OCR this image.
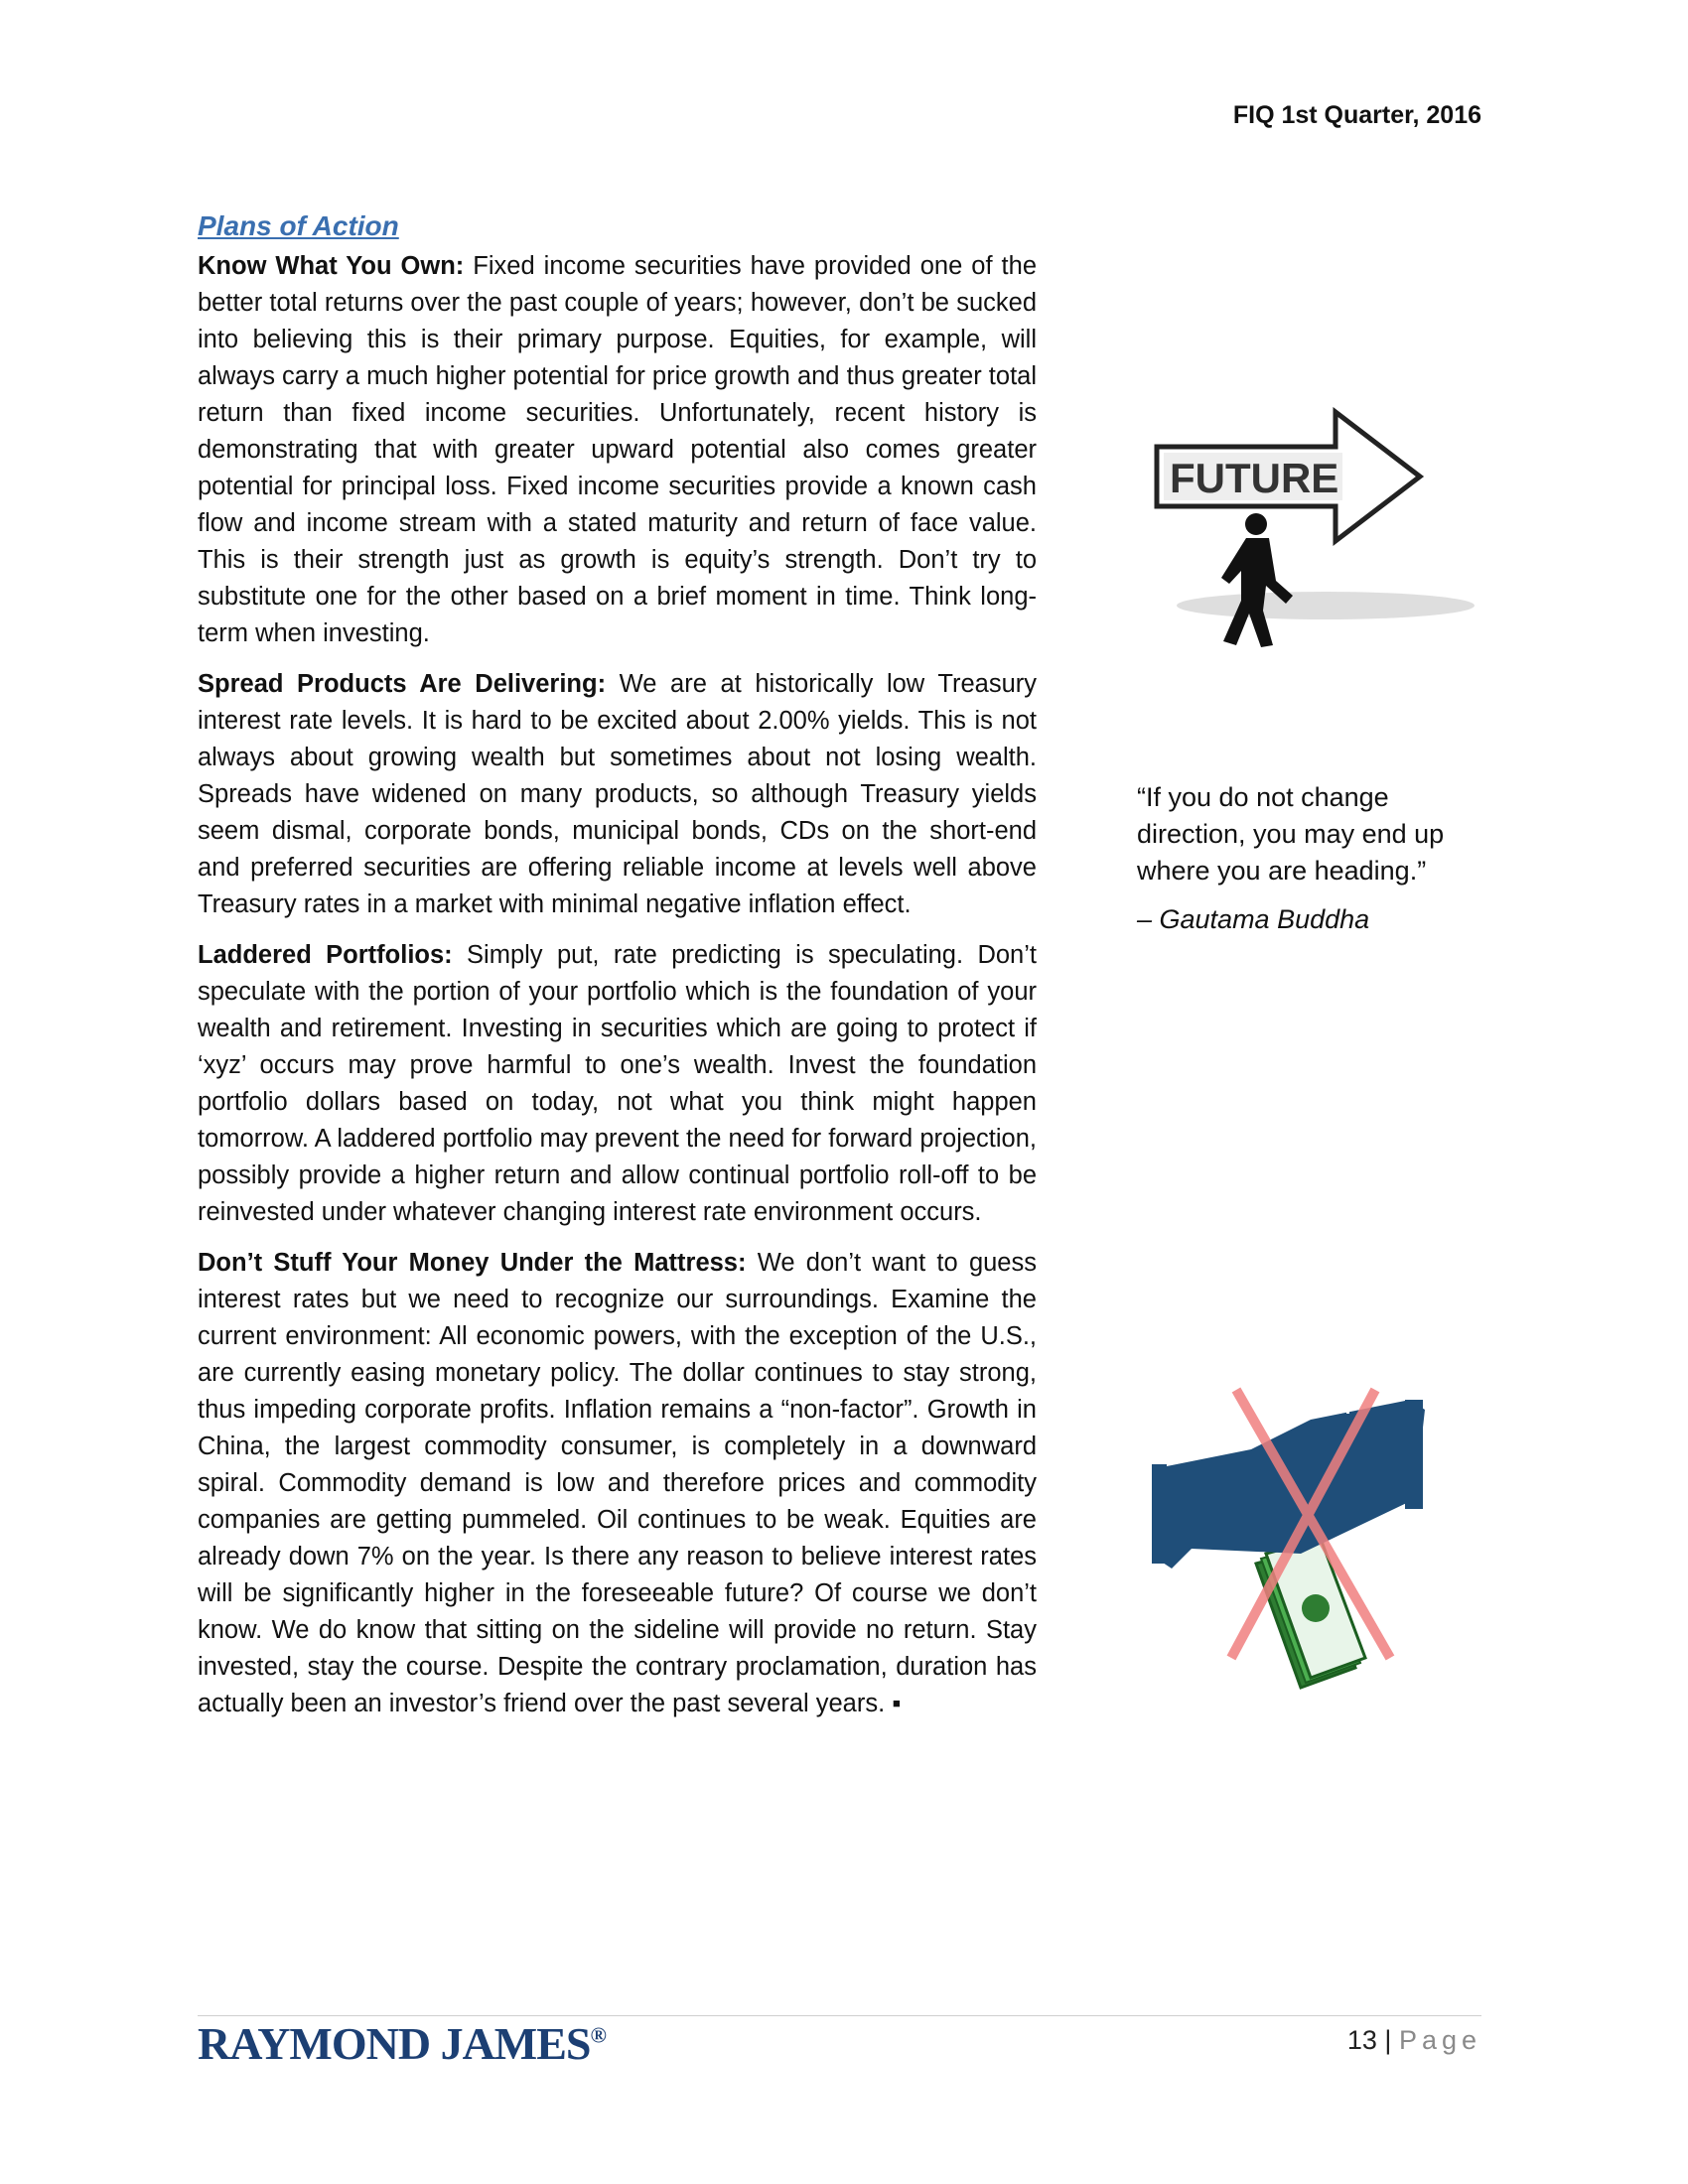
FIQ 1st Quarter, 2016
Plans of Action

Know What You Own: Fixed income securities have provided one of the better total returns over the past couple of years; however, don’t be sucked into believing this is their primary purpose. Equities, for example, will always carry a much higher potential for price growth and thus greater total return than fixed income securities. Unfortunately, recent history is demonstrating that with greater upward potential also comes greater potential for principal loss. Fixed income securities provide a known cash flow and income stream with a stated maturity and return of face value. This is their strength just as growth is equity’s strength. Don’t try to substitute one for the other based on a brief moment in time. Think long-term when investing.

Spread Products Are Delivering: We are at historically low Treasury interest rate levels. It is hard to be excited about 2.00% yields. This is not always about growing wealth but sometimes about not losing wealth. Spreads have widened on many products, so although Treasury yields seem dismal, corporate bonds, municipal bonds, CDs on the short-end and preferred securities are offering reliable income at levels well above Treasury rates in a market with minimal negative inflation effect.

Laddered Portfolios: Simply put, rate predicting is speculating. Don’t speculate with the portion of your portfolio which is the foundation of your wealth and retirement. Investing in securities which are going to protect if ‘xyz’ occurs may prove harmful to one’s wealth. Invest the foundation portfolio dollars based on today, not what you think might happen tomorrow. A laddered portfolio may prevent the need for forward projection, possibly provide a higher return and allow continual portfolio roll-off to be reinvested under whatever changing interest rate environment occurs.

Don’t Stuff Your Money Under the Mattress: We don’t want to guess interest rates but we need to recognize our surroundings. Examine the current environment: All economic powers, with the exception of the U.S., are currently easing monetary policy. The dollar continues to stay strong, thus impeding corporate profits. Inflation remains a “non-factor”. Growth in China, the largest commodity consumer, is completely in a downward spiral. Commodity demand is low and therefore prices and commodity companies are getting pummeled. Oil continues to be weak. Equities are already down 7% on the year. Is there any reason to believe interest rates will be significantly higher in the foreseeable future? Of course we don’t know. We do know that sitting on the sideline will provide no return. Stay invested, stay the course. Despite the contrary proclamation, duration has actually been an investor’s friend over the past several years. ▪

FUTURE
“If you do not change direction, you may end up where you are heading.”
– Gautama Buddha
RAYMOND JAMES®	13 | Page
